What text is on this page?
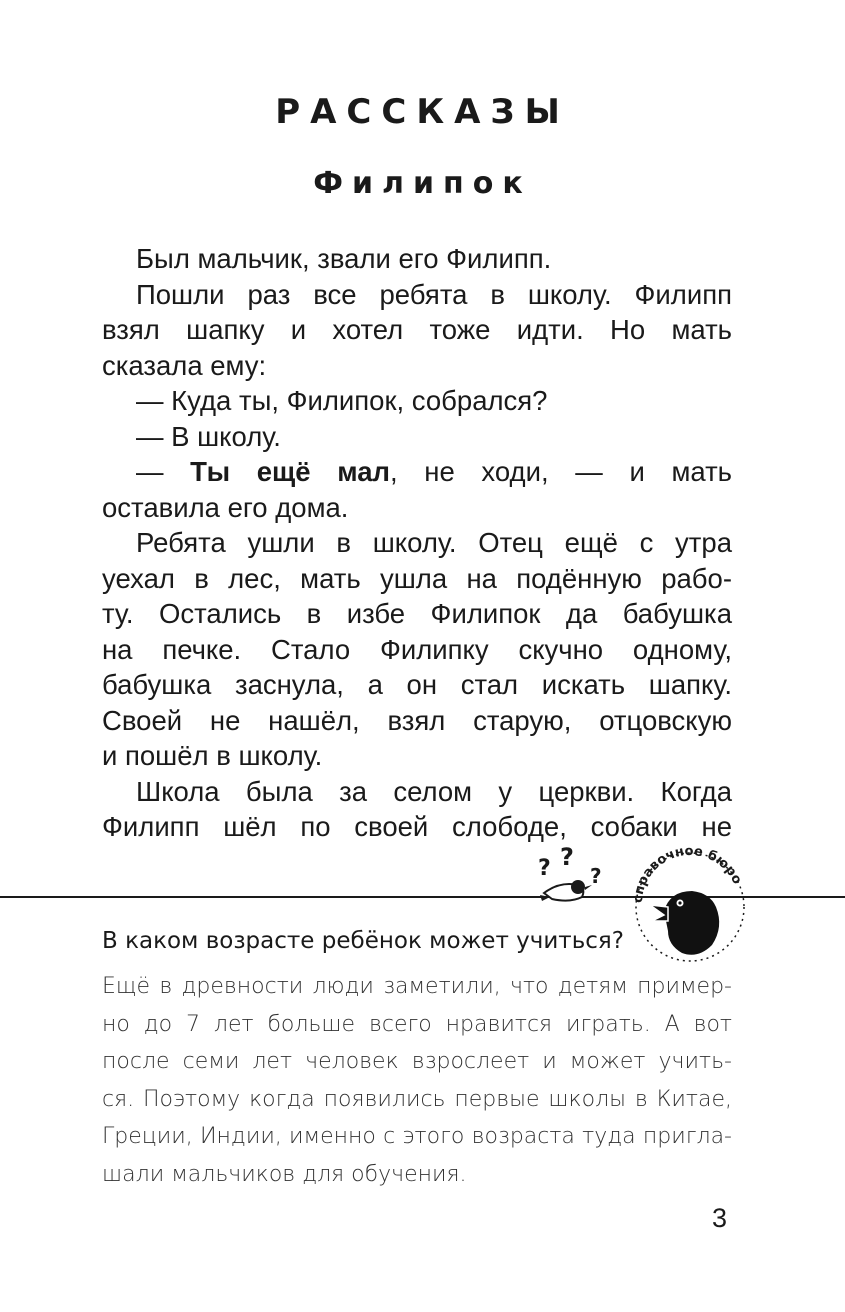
РАССКАЗЫ
Филипок

Был мальчик, звали его Филипп.

Пошли раз все ребята в школу. Филипп

взял шапку и хотел тоже идти. Но мать

сказала ему:

— Куда ты, Филипок, собрался?

— В школу.

— Ты ещё мал, не ходи, — и мать

оставила его дома.

Ребята ушли в школу. Отец ещё с утра

уехал в лес, мать ушла на подённую рабо-

ту. Остались в избе Филипок да бабушка

на печке. Стало Филипку скучно одному,

бабушка заснула, а он стал искать шапку.

Своей не нашёл, взял старую, отцовскую

и пошёл в школу.

Школа была за селом у церкви. Когда

Филипп шёл по своей слободе, собаки не

? ?
?
справочное бюро

В каком возрасте ребёнок может учиться?

Ещё в древности люди заметили, что детям пример-

но до 7 лет больше всего нравится играть. А вот

после семи лет человек взрослеет и может учить-

ся. Поэтому когда появились первые школы в Китае,

Греции, Индии, именно с этого возраста туда пригла-

шали мальчиков для обучения.

3
